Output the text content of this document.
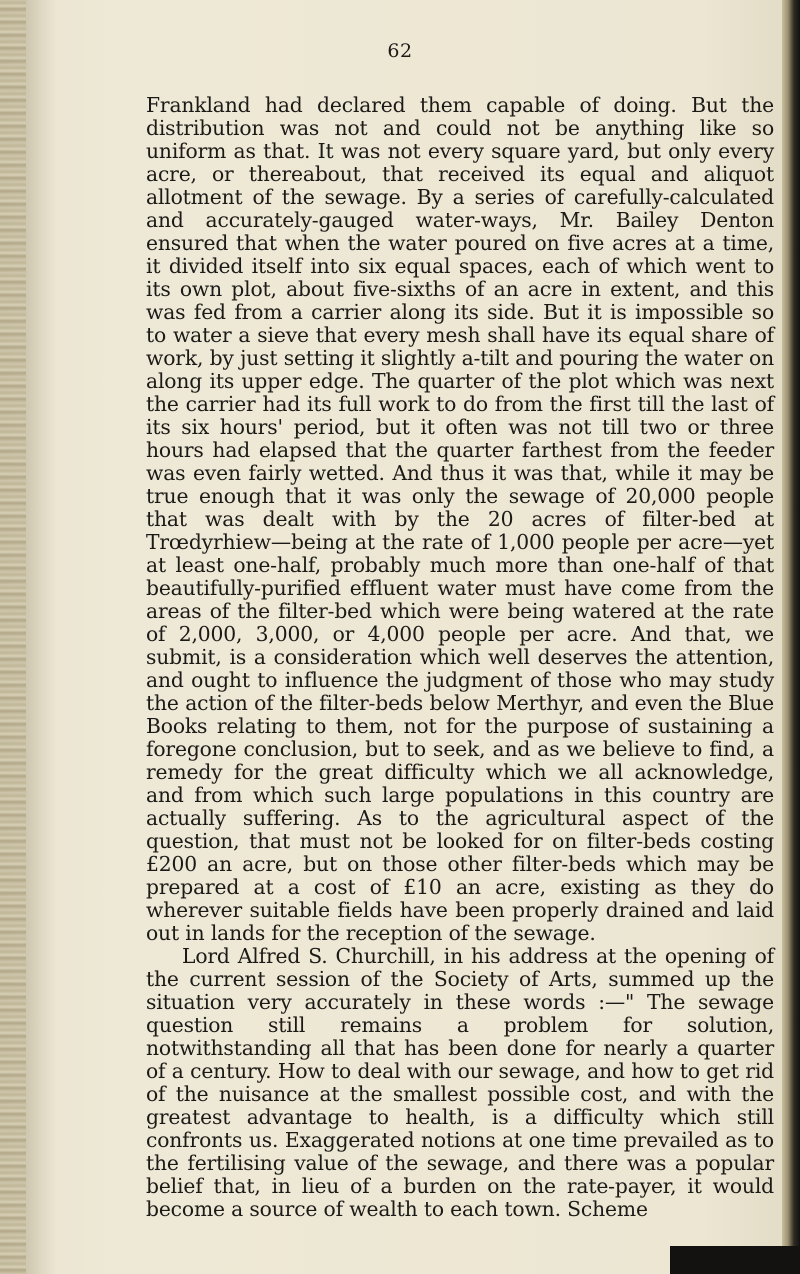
62

Frankland had declared them capable of doing. But the distribution was not and could not be anything like so uniform as that. It was not every square yard, but only every acre, or thereabout, that received its equal and aliquot allotment of the sewage. By a series of carefully-calculated and accurately-gauged water-ways, Mr. Bailey Denton ensured that when the water poured on five acres at a time, it divided itself into six equal spaces, each of which went to its own plot, about five-sixths of an acre in extent, and this was fed from a carrier along its side. But it is impossible so to water a sieve that every mesh shall have its equal share of work, by just setting it slightly a-tilt and pouring the water on along its upper edge. The quarter of the plot which was next the carrier had its full work to do from the first till the last of its six hours' period, but it often was not till two or three hours had elapsed that the quarter farthest from the feeder was even fairly wetted. And thus it was that, while it may be true enough that it was only the sewage of 20,000 people that was dealt with by the 20 acres of filter-bed at Trœdyrhiew—being at the rate of 1,000 people per acre—yet at least one-half, probably much more than one-half of that beautifully-purified effluent water must have come from the areas of the filter-bed which were being watered at the rate of 2,000, 3,000, or 4,000 people per acre. And that, we submit, is a consideration which well deserves the attention, and ought to influence the judgment of those who may study the action of the filter-beds below Merthyr, and even the Blue Books relating to them, not for the purpose of sustaining a foregone conclusion, but to seek, and as we believe to find, a remedy for the great difficulty which we all acknowledge, and from which such large populations in this country are actually suffering. As to the agricultural aspect of the question, that must not be looked for on filter-beds costing £200 an acre, but on those other filter-beds which may be prepared at a cost of £10 an acre, existing as they do wherever suitable fields have been properly drained and laid out in lands for the reception of the sewage.

Lord Alfred S. Churchill, in his address at the opening of the current session of the Society of Arts, summed up the situation very accurately in these words :—" The sewage question still remains a problem for solution, notwithstanding all that has been done for nearly a quarter of a century. How to deal with our sewage, and how to get rid of the nuisance at the smallest possible cost, and with the greatest advantage to health, is a difficulty which still confronts us. Exaggerated notions at one time prevailed as to the fertilising value of the sewage, and there was a popular belief that, in lieu of a burden on the rate-payer, it would become a source of wealth to each town. Scheme
